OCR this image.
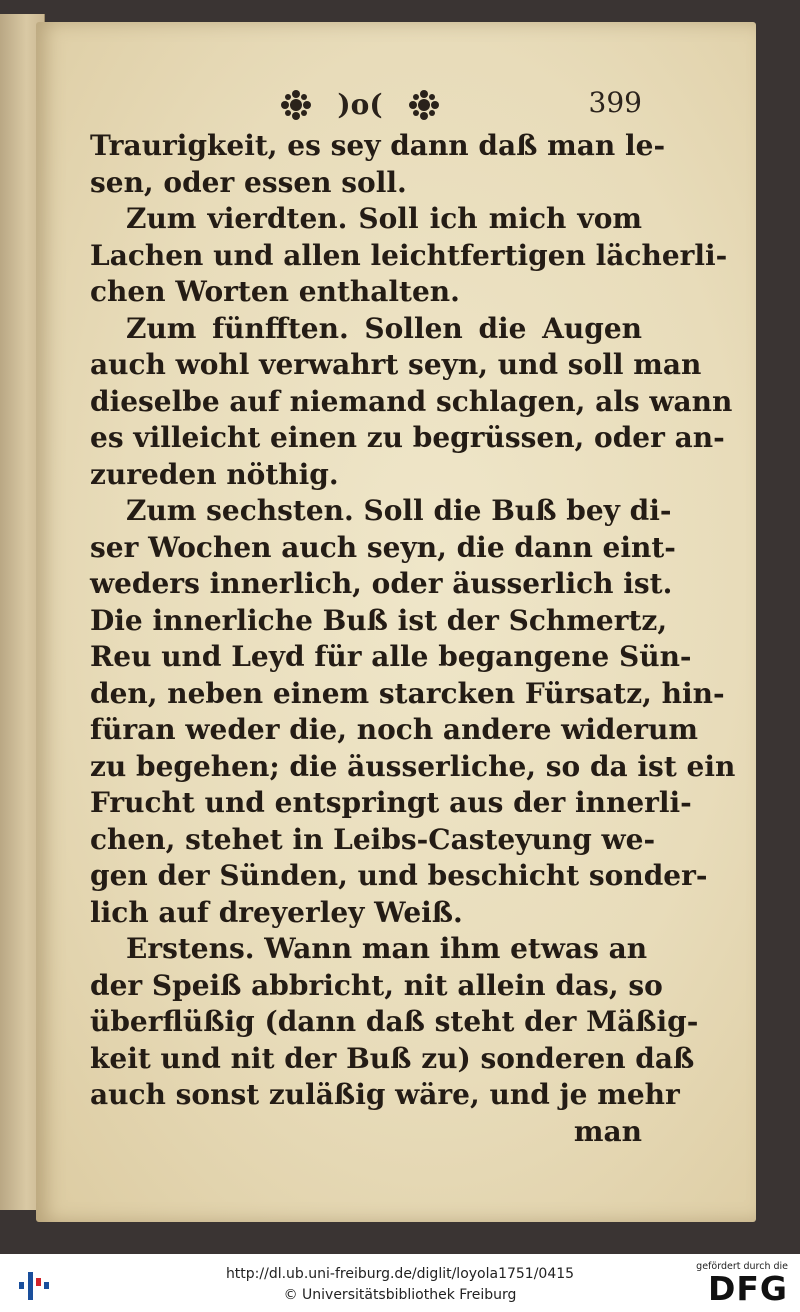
)o(	399
Traurigkeit, es sey dann daß man le-
sen, oder essen soll.
Zum vierdten. Soll ich mich vom
Lachen und allen leichtfertigen lächerli-
chen Worten enthalten.
Zum fünfften. Sollen die Augen
auch wohl verwahrt seyn, und soll man
dieselbe auf niemand schlagen, als wann
es villeicht einen zu begrüssen, oder an-
zureden nöthig.
Zum sechsten. Soll die Buß bey di-
ser Wochen auch seyn, die dann eint-
weders innerlich, oder äusserlich ist.
Die innerliche Buß ist der Schmertz,
Reu und Leyd für alle begangene Sün-
den, neben einem starcken Fürsatz, hin-
füran weder die, noch andere widerum
zu begehen; die äusserliche, so da ist ein
Frucht und entspringt aus der innerli-
chen, stehet in Leibs-Casteyung we-
gen der Sünden, und beschicht sonder-
lich auf dreyerley Weiß.
Erstens. Wann man ihm etwas an
der Speiß abbricht, nit allein das, so
überflüßig (dann daß steht der Mäßig-
keit und nit der Buß zu) sonderen daß
auch sonst zuläßig wäre, und je mehr
man
http://dl.ub.uni-freiburg.de/diglit/loyola1751/0415
© Universitätsbibliothek Freiburg
gefördert durch die
DFG
